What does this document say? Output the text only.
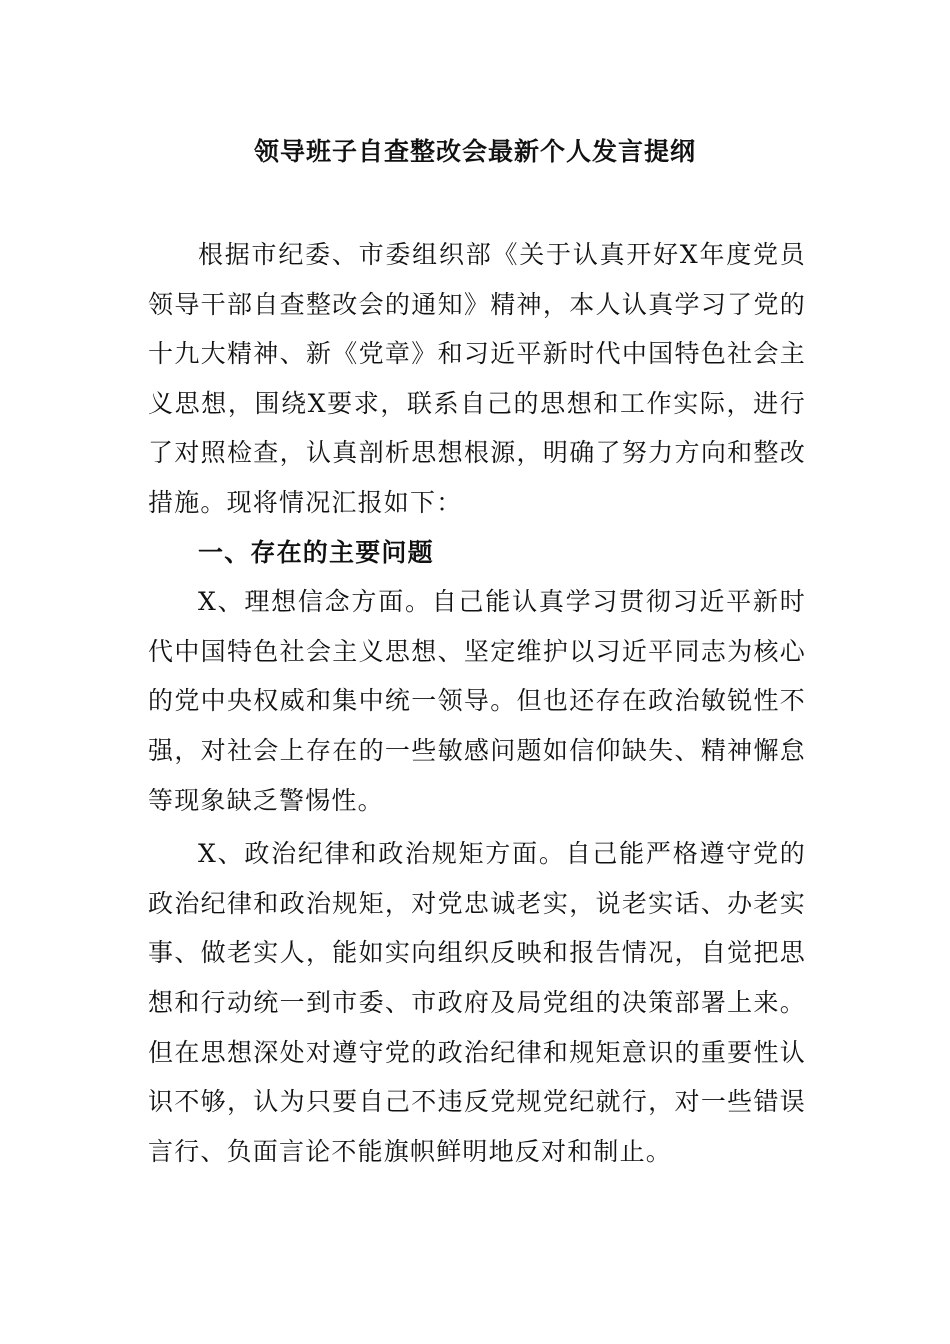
领导班子自查整改会最新个人发言提纲

根据市纪委、市委组织部《关于认真开好X年度党员领导干部自查整改会的通知》精神，本人认真学习了党的十九大精神、新《党章》和习近平新时代中国特色社会主义思想，围绕X要求，联系自己的思想和工作实际，进行了对照检查，认真剖析思想根源，明确了努力方向和整改措施。现将情况汇报如下：

一、存在的主要问题

X、理想信念方面。自己能认真学习贯彻习近平新时代中国特色社会主义思想、坚定维护以习近平同志为核心的党中央权威和集中统一领导。但也还存在政治敏锐性不强，对社会上存在的一些敏感问题如信仰缺失、精神懈怠等现象缺乏警惕性。

X、政治纪律和政治规矩方面。自己能严格遵守党的政治纪律和政治规矩，对党忠诚老实，说老实话、办老实事、做老实人，能如实向组织反映和报告情况，自觉把思想和行动统一到市委、市政府及局党组的决策部署上来。但在思想深处对遵守党的政治纪律和规矩意识的重要性认识不够，认为只要自己不违反党规党纪就行，对一些错误言行、负面言论不能旗帜鲜明地反对和制止。
